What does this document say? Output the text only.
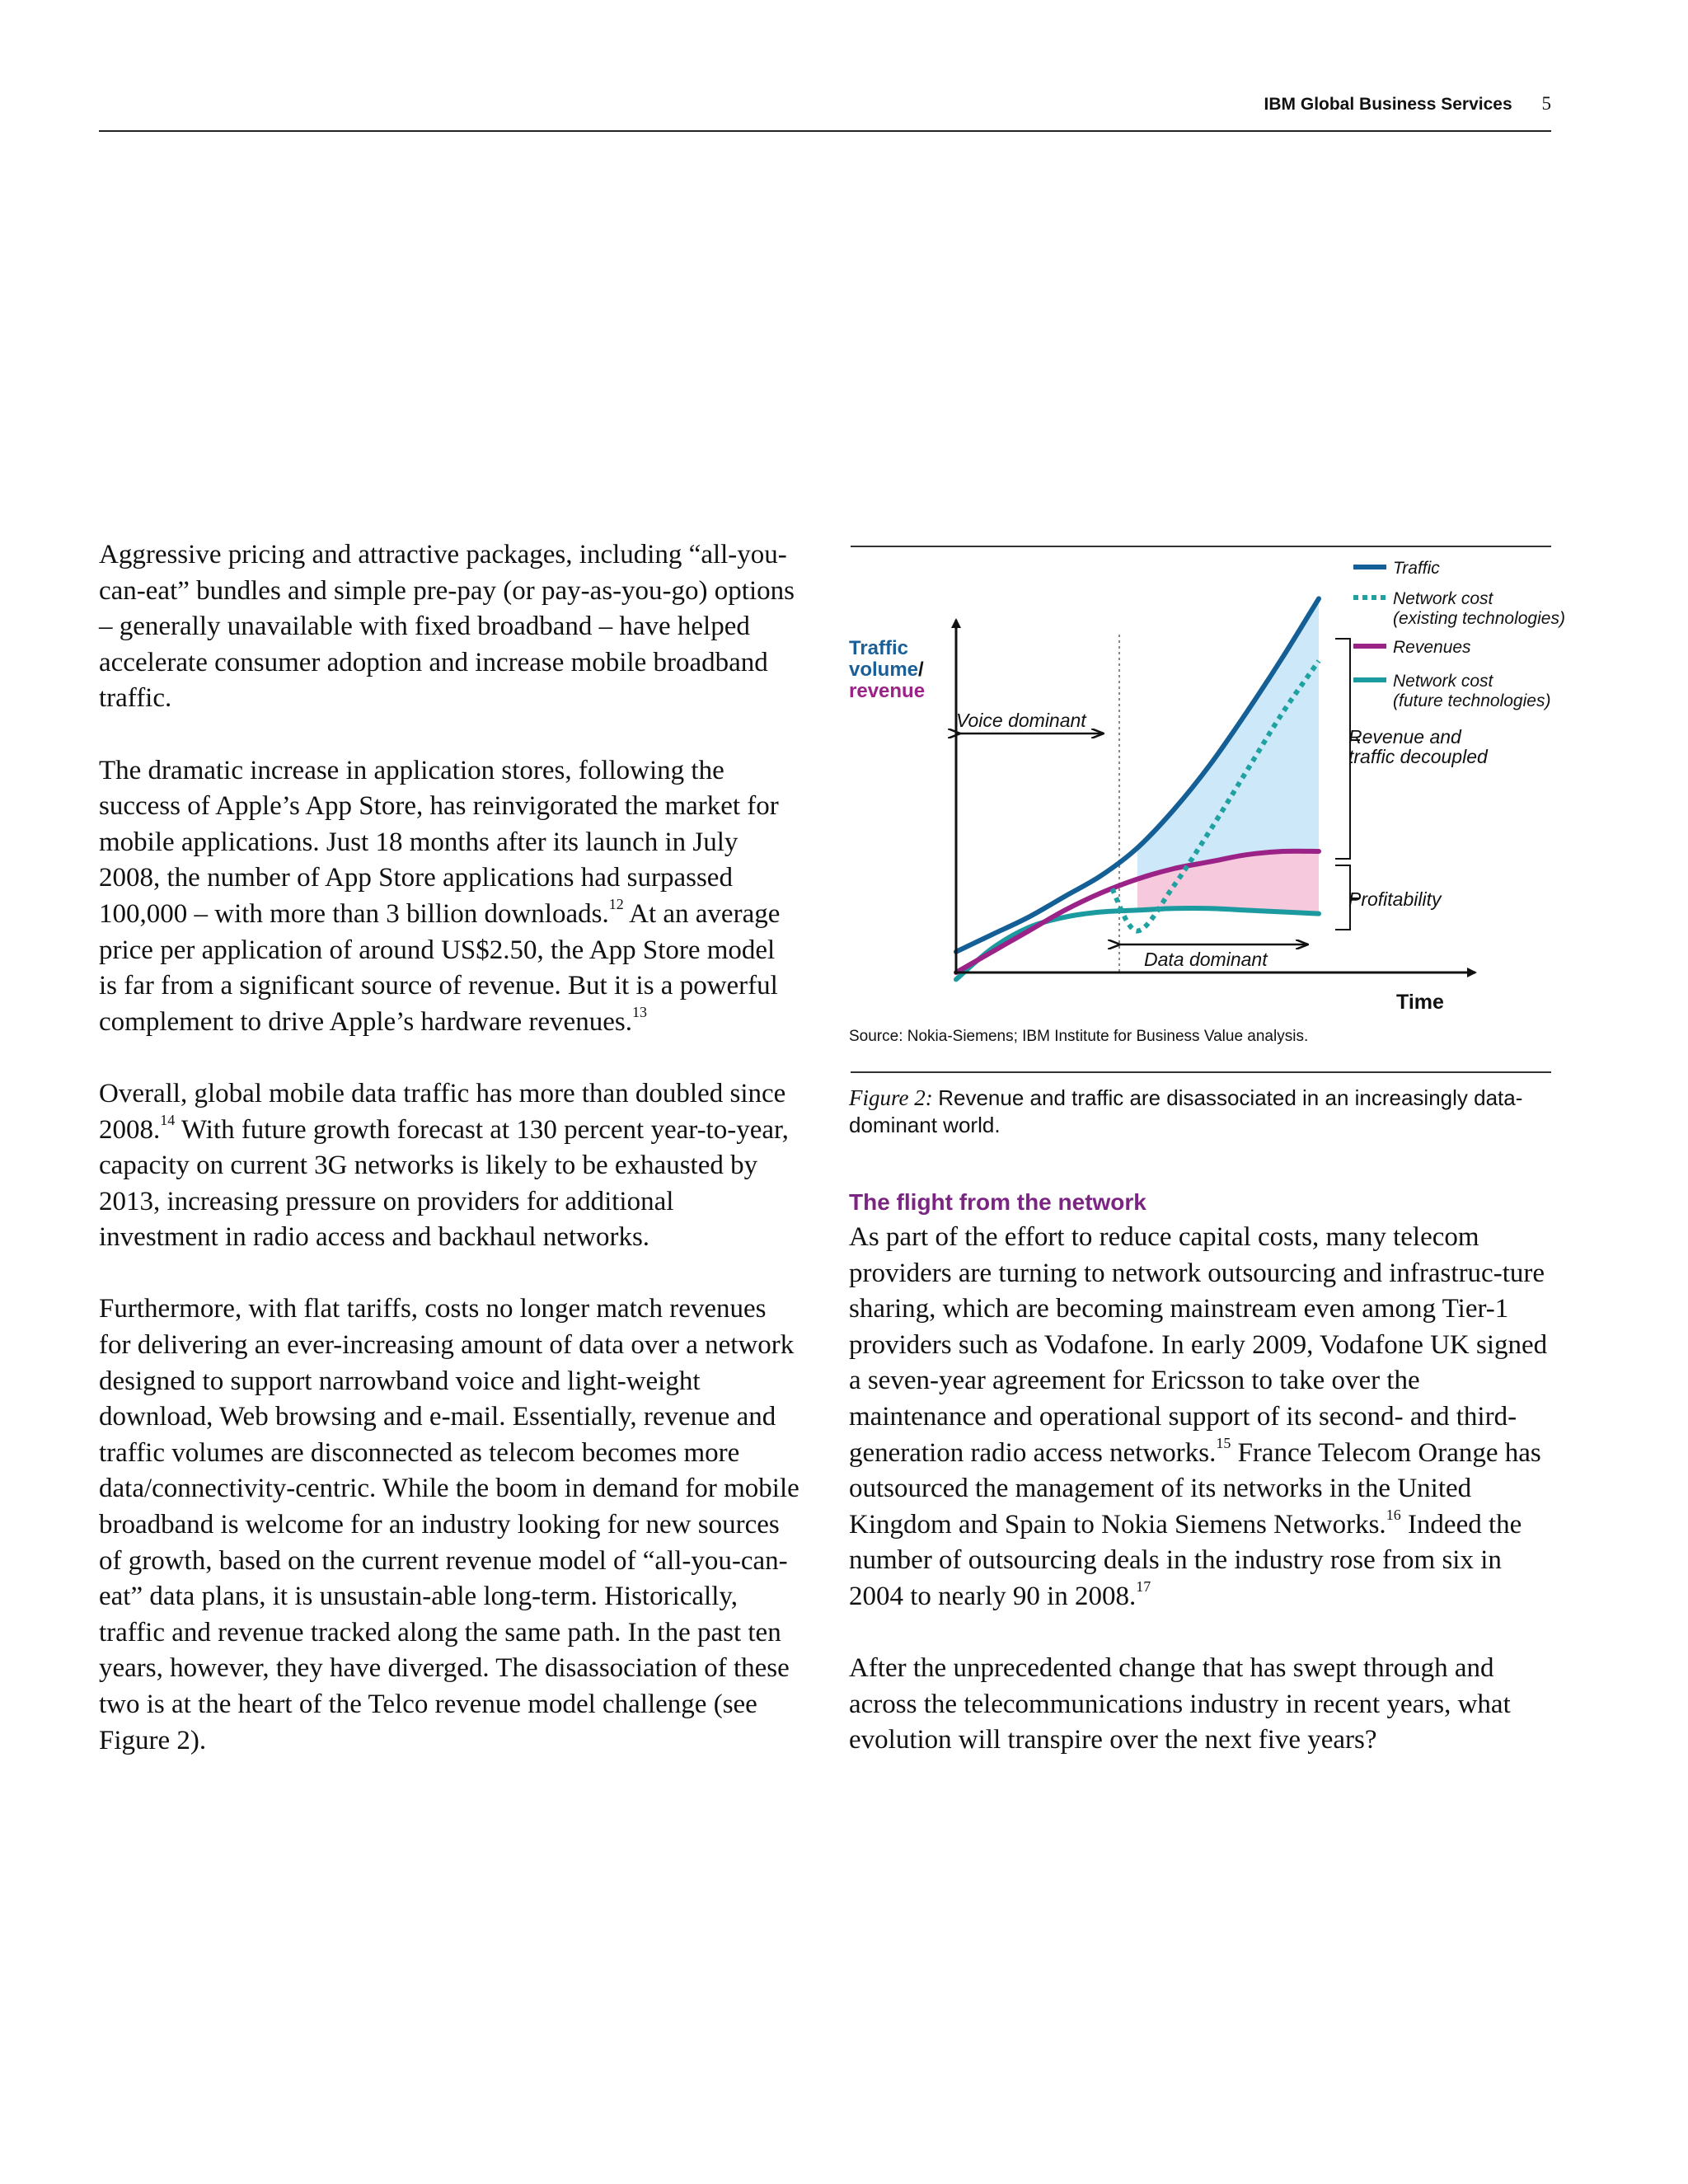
IBM Global Business Services 5

Aggressive pricing and attractive packages, including “all-you-can-eat” bundles and simple pre-pay (or pay-as-you-go) options – generally unavailable with fixed broadband – have helped accelerate consumer adoption and increase mobile broadband traffic.

The dramatic increase in application stores, following the success of Apple’s App Store, has reinvigorated the market for mobile applications. Just 18 months after its launch in July 2008, the number of App Store applications had surpassed 100,000 – with more than 3 billion downloads.$^{12}$ At an average price per application of around US$2.50, the App Store model is far from a significant source of revenue. But it is a powerful complement to drive Apple’s hardware revenues.$^{13}$

Overall, global mobile data traffic has more than doubled since 2008.14 With future growth forecast at 130 percent year-to-year, capacity on current 3G networks is likely to be exhausted by 2013, increasing pressure on providers for additional investment in radio access and backhaul networks.

Furthermore, with flat tariffs, costs no longer match revenues for delivering an ever-increasing amount of data over a network designed to support narrowband voice and light-weight download, Web browsing and e-mail. Essentially, revenue and traffic volumes are disconnected as telecom becomes more data/connectivity-centric. While the boom in demand for mobile broadband is welcome for an industry looking for new sources of growth, based on the current revenue model of “all-you-can-eat” data plans, it is unsustain-able long-term. Historically, traffic and revenue tracked along the same path. In the past ten years, however, they have diverged. The disassociation of these two is at the heart of the Telco revenue model challenge (see Figure 2).

Traffic
volume/
revenue
Time
Voice dominant
Data dominant
Revenue and
traffic decoupled
Profitability
Traffic
Network cost
(existing technologies)
Revenues
Network cost
(future technologies)
Source: Nokia-Siemens; IBM Institute for Business Value analysis.
Figure 2: Revenue and traffic are disassociated in an increasingly data-dominant world.
The flight from the network

As part of the effort to reduce capital costs, many telecom providers are turning to network outsourcing and infrastruc-ture sharing, which are becoming mainstream even among Tier-1 providers such as Vodafone. In early 2009, Vodafone UK signed a seven-year agreement for Ericsson to take over the maintenance and operational support of its second- and third-generation radio access networks.$^{15}$ France Telecom Orange has outsourced the management of its networks in the United Kingdom and Spain to Nokia Siemens Networks.$^{16}$ Indeed the number of outsourcing deals in the industry rose from six in 2004 to nearly 90 in 2008.17

After the unprecedented change that has swept through and across the telecommunications industry in recent years, what evolution will transpire over the next five years?
